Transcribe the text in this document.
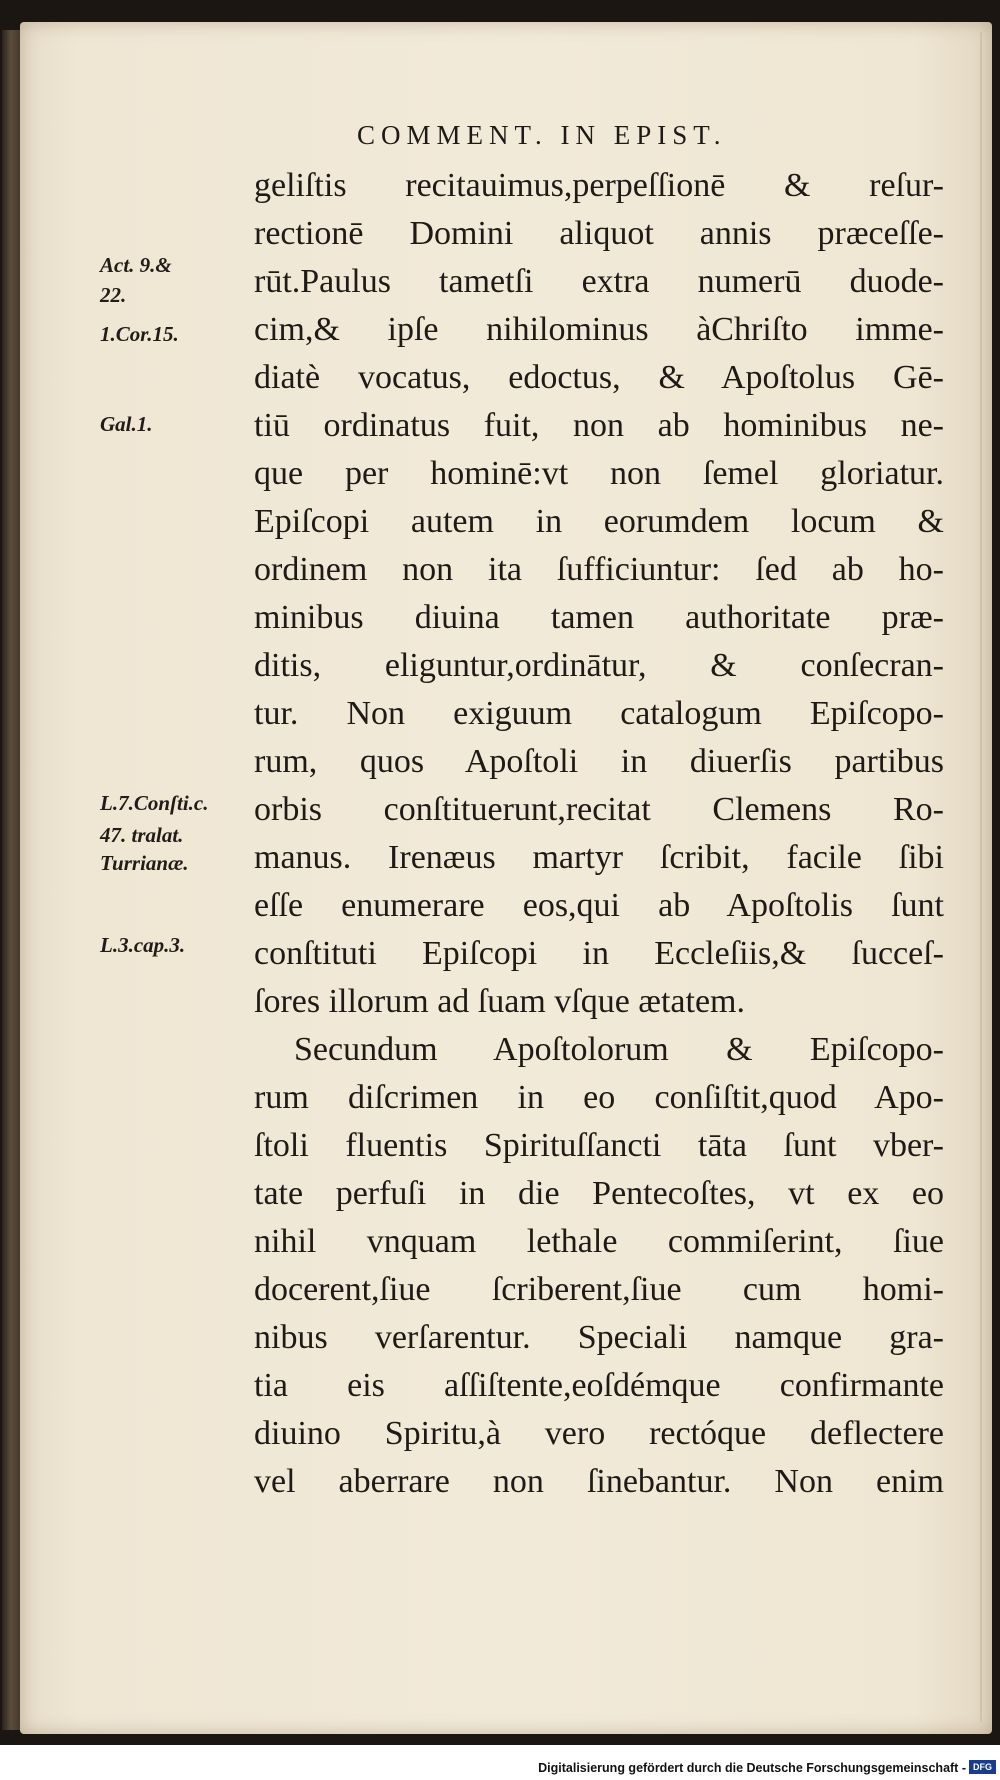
COMMENT. IN EPIST.
Act. 9.&
22.
1.Cor.15.
Gal.1.
L.7.Conſti.c.
47. tralat.
Turrianæ.
L.3.cap.3.
geliſtis recitauimus,perpeſſionē & reſur-
rectionē Domini aliquot annis præceſſe-
rūt.Paulus tametſi extra numerū duode-
cim,& ipſe nihilominus àChriſto imme-
diatè vocatus, edoctus, & Apoſtolus Gē-
tiū ordinatus fuit, non ab hominibus ne-
que per hominē:vt non ſemel gloriatur.
Epiſcopi autem in eorumdem locum &
ordinem non ita ſufficiuntur: ſed ab ho-
minibus diuina tamen authoritate præ-
ditis, eliguntur,ordinātur, & conſecran-
tur. Non exiguum catalogum Epiſcopo-
rum, quos Apoſtoli in diuerſis partibus
orbis conſtituerunt,recitat Clemens Ro-
manus. Irenæus martyr ſcribit, facile ſibi
eſſe enumerare eos,qui ab Apoſtolis ſunt
conſtituti Epiſcopi in Eccleſiis,& ſucceſ-
ſores illorum ad ſuam vſque ætatem.
Secundum Apoſtolorum & Epiſcopo-
rum diſcrimen in eo conſiſtit,quod Apo-
ſtoli fluentis Spirituſſancti tāta ſunt vber-
tate perfuſi in die Pentecoſtes, vt ex eo
nihil vnquam lethale commiſerint, ſiue
docerent,ſiue ſcriberent,ſiue cum homi-
nibus verſarentur. Speciali namque gra-
tia eis aſſiſtente,eoſdémque confirmante
diuino Spiritu,à vero rectóque deflectere
vel aberrare non ſinebantur. Non enim
Digitalisierung gefördert durch die Deutsche Forschungsgemeinschaft - DFG
